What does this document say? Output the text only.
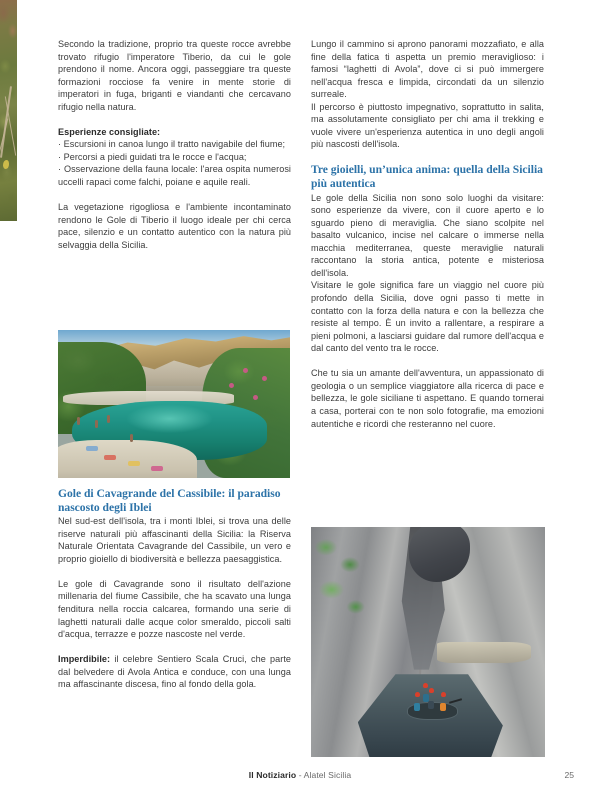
Secondo la tradizione, proprio tra queste rocce avrebbe trovato rifugio l'imperatore Tiberio, da cui le gole prendono il nome. Ancora oggi, passeggiare tra queste formazioni rocciose fa venire in mente storie di imperatori in fuga, briganti e viandanti che cercavano rifugio nella natura.

Esperienze consigliate:

· Escursioni in canoa lungo il tratto navigabile del fiume;
· Percorsi a piedi guidati tra le rocce e l'acqua;
· Osservazione della fauna locale: l'area ospita numerosi uccelli rapaci come falchi, poiane e aquile reali.

La vegetazione rigogliosa e l'ambiente incontaminato rendono le Gole di Tiberio il luogo ideale per chi cerca pace, silenzio e un contatto autentico con la natura più selvaggia della Sicilia.

Gole di Cavagrande del Cassibile: il paradiso nascosto degli Iblei

Nel sud-est dell'isola, tra i monti Iblei, si trova una delle riserve naturali più affascinanti della Sicilia: la Riserva Naturale Orientata Cavagrande del Cassibile, un vero e proprio gioiello di biodiversità e bellezza paesaggistica.

Le gole di Cavagrande sono il risultato dell'azione millenaria del fiume Cassibile, che ha scavato una lunga fenditura nella roccia calcarea, formando una serie di laghetti naturali dalle acque color smeraldo, piccoli salti d'acqua, terrazze e pozze nascoste nel verde.

Imperdibile: il celebre Sentiero Scala Cruci, che parte dal belvedere di Avola Antica e conduce, con una lunga ma affascinante discesa, fino al fondo della gola.

Lungo il cammino si aprono panorami mozzafiato, e alla fine della fatica ti aspetta un premio meraviglioso: i famosi “laghetti di Avola”, dove ci si può immergere nell'acqua fresca e limpida, circondati da un silenzio surreale.

Il percorso è piuttosto impegnativo, soprattutto in salita, ma assolutamente consigliato per chi ama il trekking e vuole vivere un'esperienza autentica in uno degli angoli più nascosti dell'isola.

Tre gioielli, un’unica anima: quella della Sicilia più autentica

Le gole della Sicilia non sono solo luoghi da visitare: sono esperienze da vivere, con il cuore aperto e lo sguardo pieno di meraviglia. Che siano scolpite nel basalto vulcanico, incise nel calcare o immerse nella macchia mediterranea, queste meraviglie naturali raccontano la storia antica, potente e misteriosa dell'isola.

Visitare le gole significa fare un viaggio nel cuore più profondo della Sicilia, dove ogni passo ti mette in contatto con la forza della natura e con la bellezza che resiste al tempo. È un invito a rallentare, a respirare a pieni polmoni, a lasciarsi guidare dal rumore dell'acqua e dal canto del vento tra le rocce.

Che tu sia un amante dell'avventura, un appassionato di geologia o un semplice viaggiatore alla ricerca di pace e bellezza, le gole siciliane ti aspettano. E quando tornerai a casa, porterai con te non solo fotografie, ma emozioni autentiche e ricordi che resteranno nel cuore.

Il Notiziario - Alatel Sicilia	25
